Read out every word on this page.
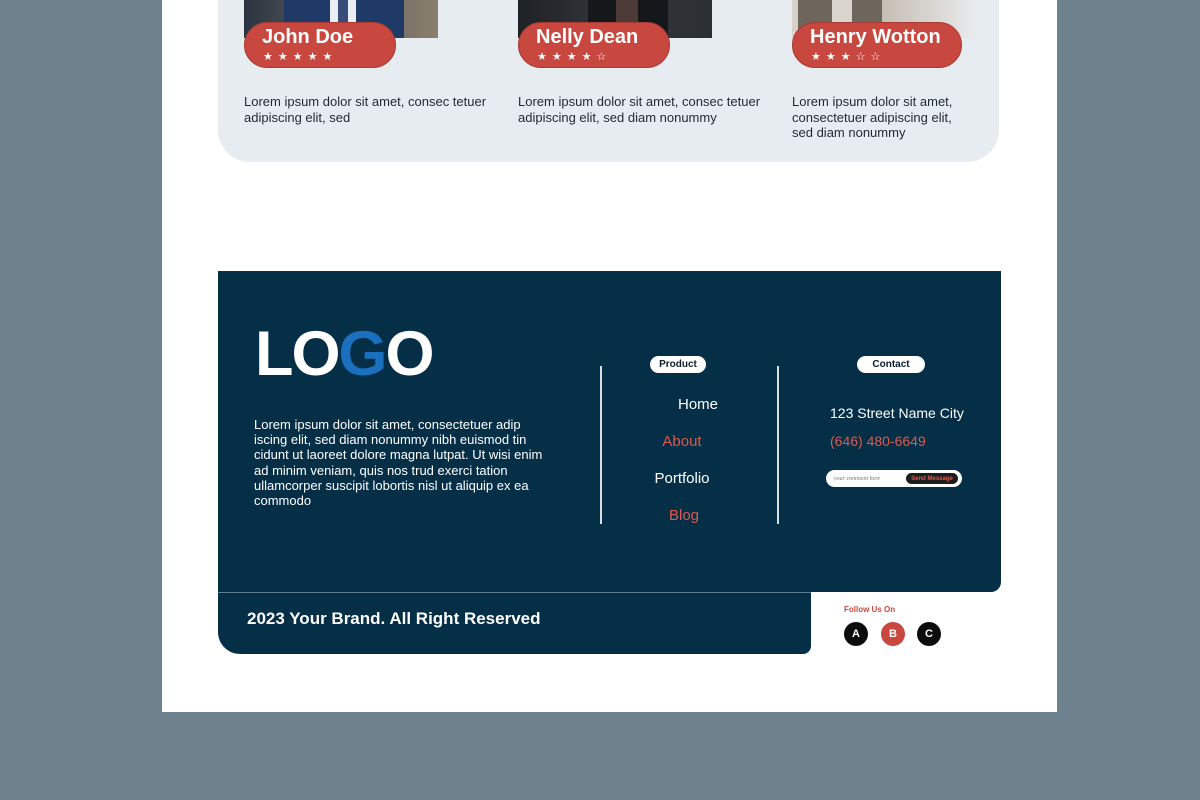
John Doe
★★★★★
Lorem ipsum dolor sit amet, consec tetuer adipiscing elit, sed
Nelly Dean
★★★★☆
Lorem ipsum dolor sit amet, consec tetuer adipiscing elit, sed diam nonummy
Henry Wotton
★★★☆☆
Lorem ipsum dolor sit amet, consectetuer adipiscing elit, sed diam nonummy
LOGO
Lorem ipsum dolor sit amet, consectetuer adip iscing elit, sed diam nonummy nibh euismod tin cidunt ut laoreet dolore magna lutpat. Ut wisi enim ad minim veniam, quis nos trud exerci tation ullamcorper suscipit lobortis nisl ut aliquip ex ea commodo
Product
Home
About
Portfolio
Blog
Contact
123 Street Name City
(646) 480-6649
your comment here
Send Message
2023 Your Brand. All Right Reserved	Follow Us On
A	B	C
